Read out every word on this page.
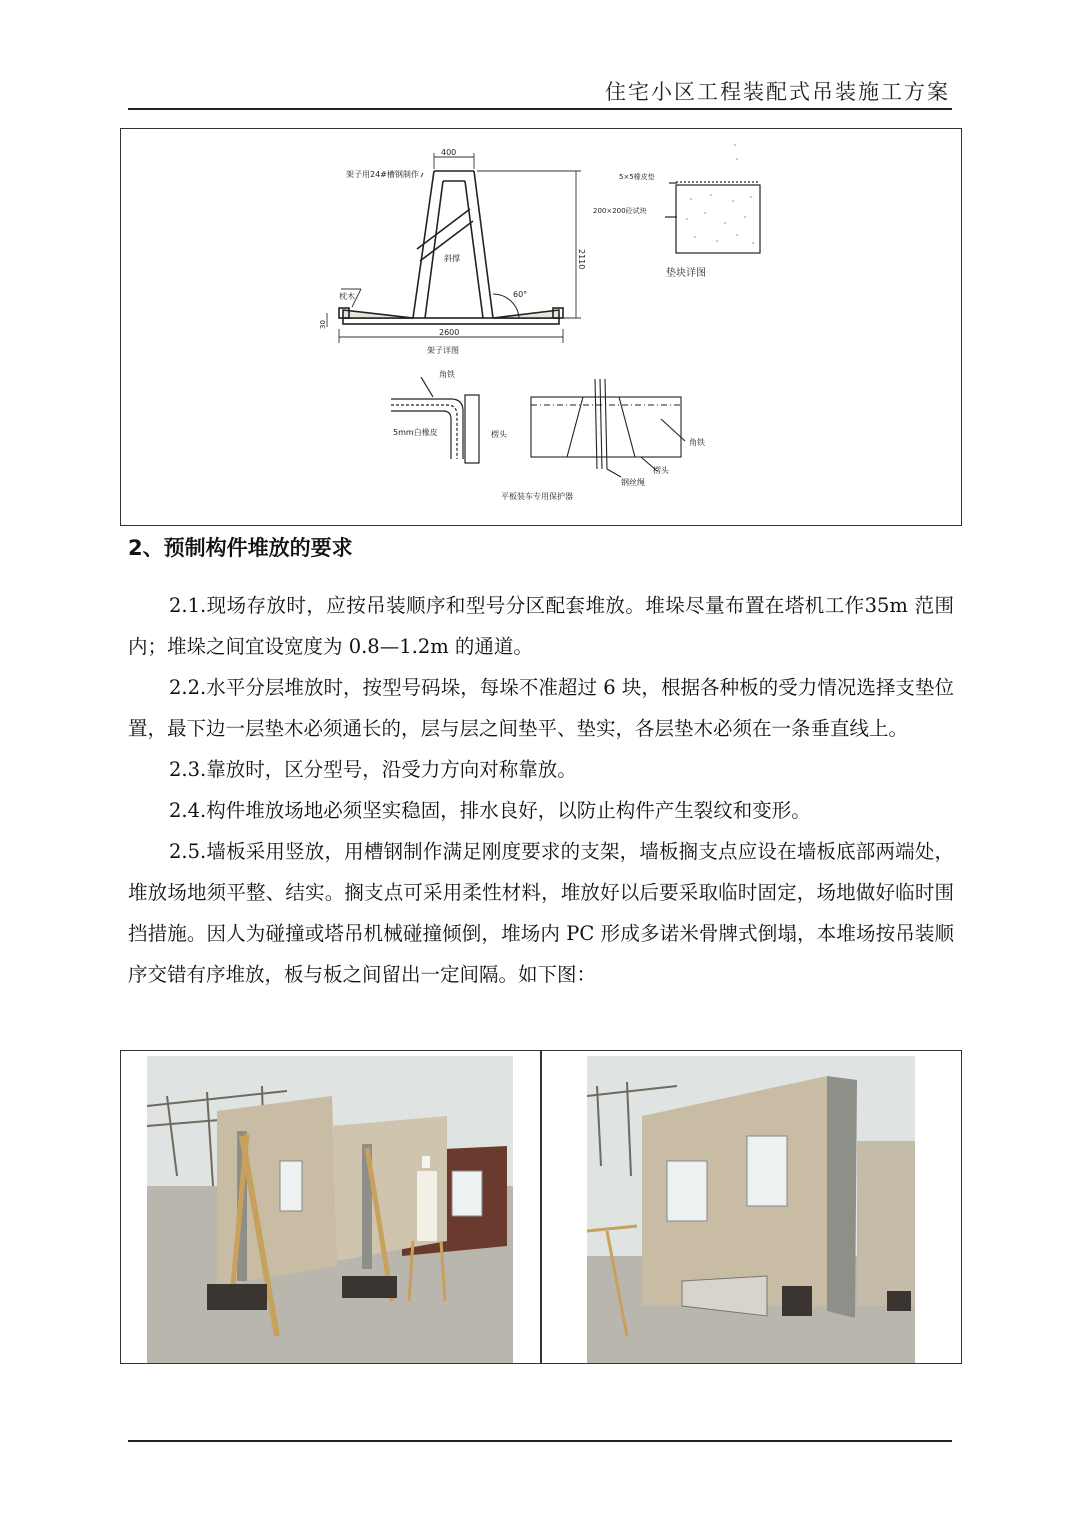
住宅小区工程装配式吊装施工方案
400
架子用24#槽钢制作
2110
斜撑
60°
枕木
30
2600
架子详图
5×5橡皮垫
200×200砼试块
垫块详图
角铁
5mm白橡皮	楞头
角铁
楞头
钢丝绳
平板装车专用保护器
2、预制构件堆放的要求

2.1.现场存放时，应按吊装顺序和型号分区配套堆放。堆垛尽量布置在塔机工作35m 范围内；堆垛之间宜设宽度为 0.8—1.2m 的通道。

2.2.水平分层堆放时，按型号码垛，每垛不准超过 6 块，根据各种板的受力情况选择支垫位置，最下边一层垫木必须通长的，层与层之间垫平、垫实，各层垫木必须在一条垂直线上。

2.3.靠放时，区分型号，沿受力方向对称靠放。

2.4.构件堆放场地必须坚实稳固，排水良好，以防止构件产生裂纹和变形。

2.5.墙板采用竖放，用槽钢制作满足刚度要求的支架，墙板搁支点应设在墙板底部两端处，堆放场地须平整、结实。搁支点可采用柔性材料，堆放好以后要采取临时固定，场地做好临时围挡措施。因人为碰撞或塔吊机械碰撞倾倒，堆场内 PC 形成多诺米骨牌式倒塌，本堆场按吊装顺序交错有序堆放，板与板之间留出一定间隔。如下图：
